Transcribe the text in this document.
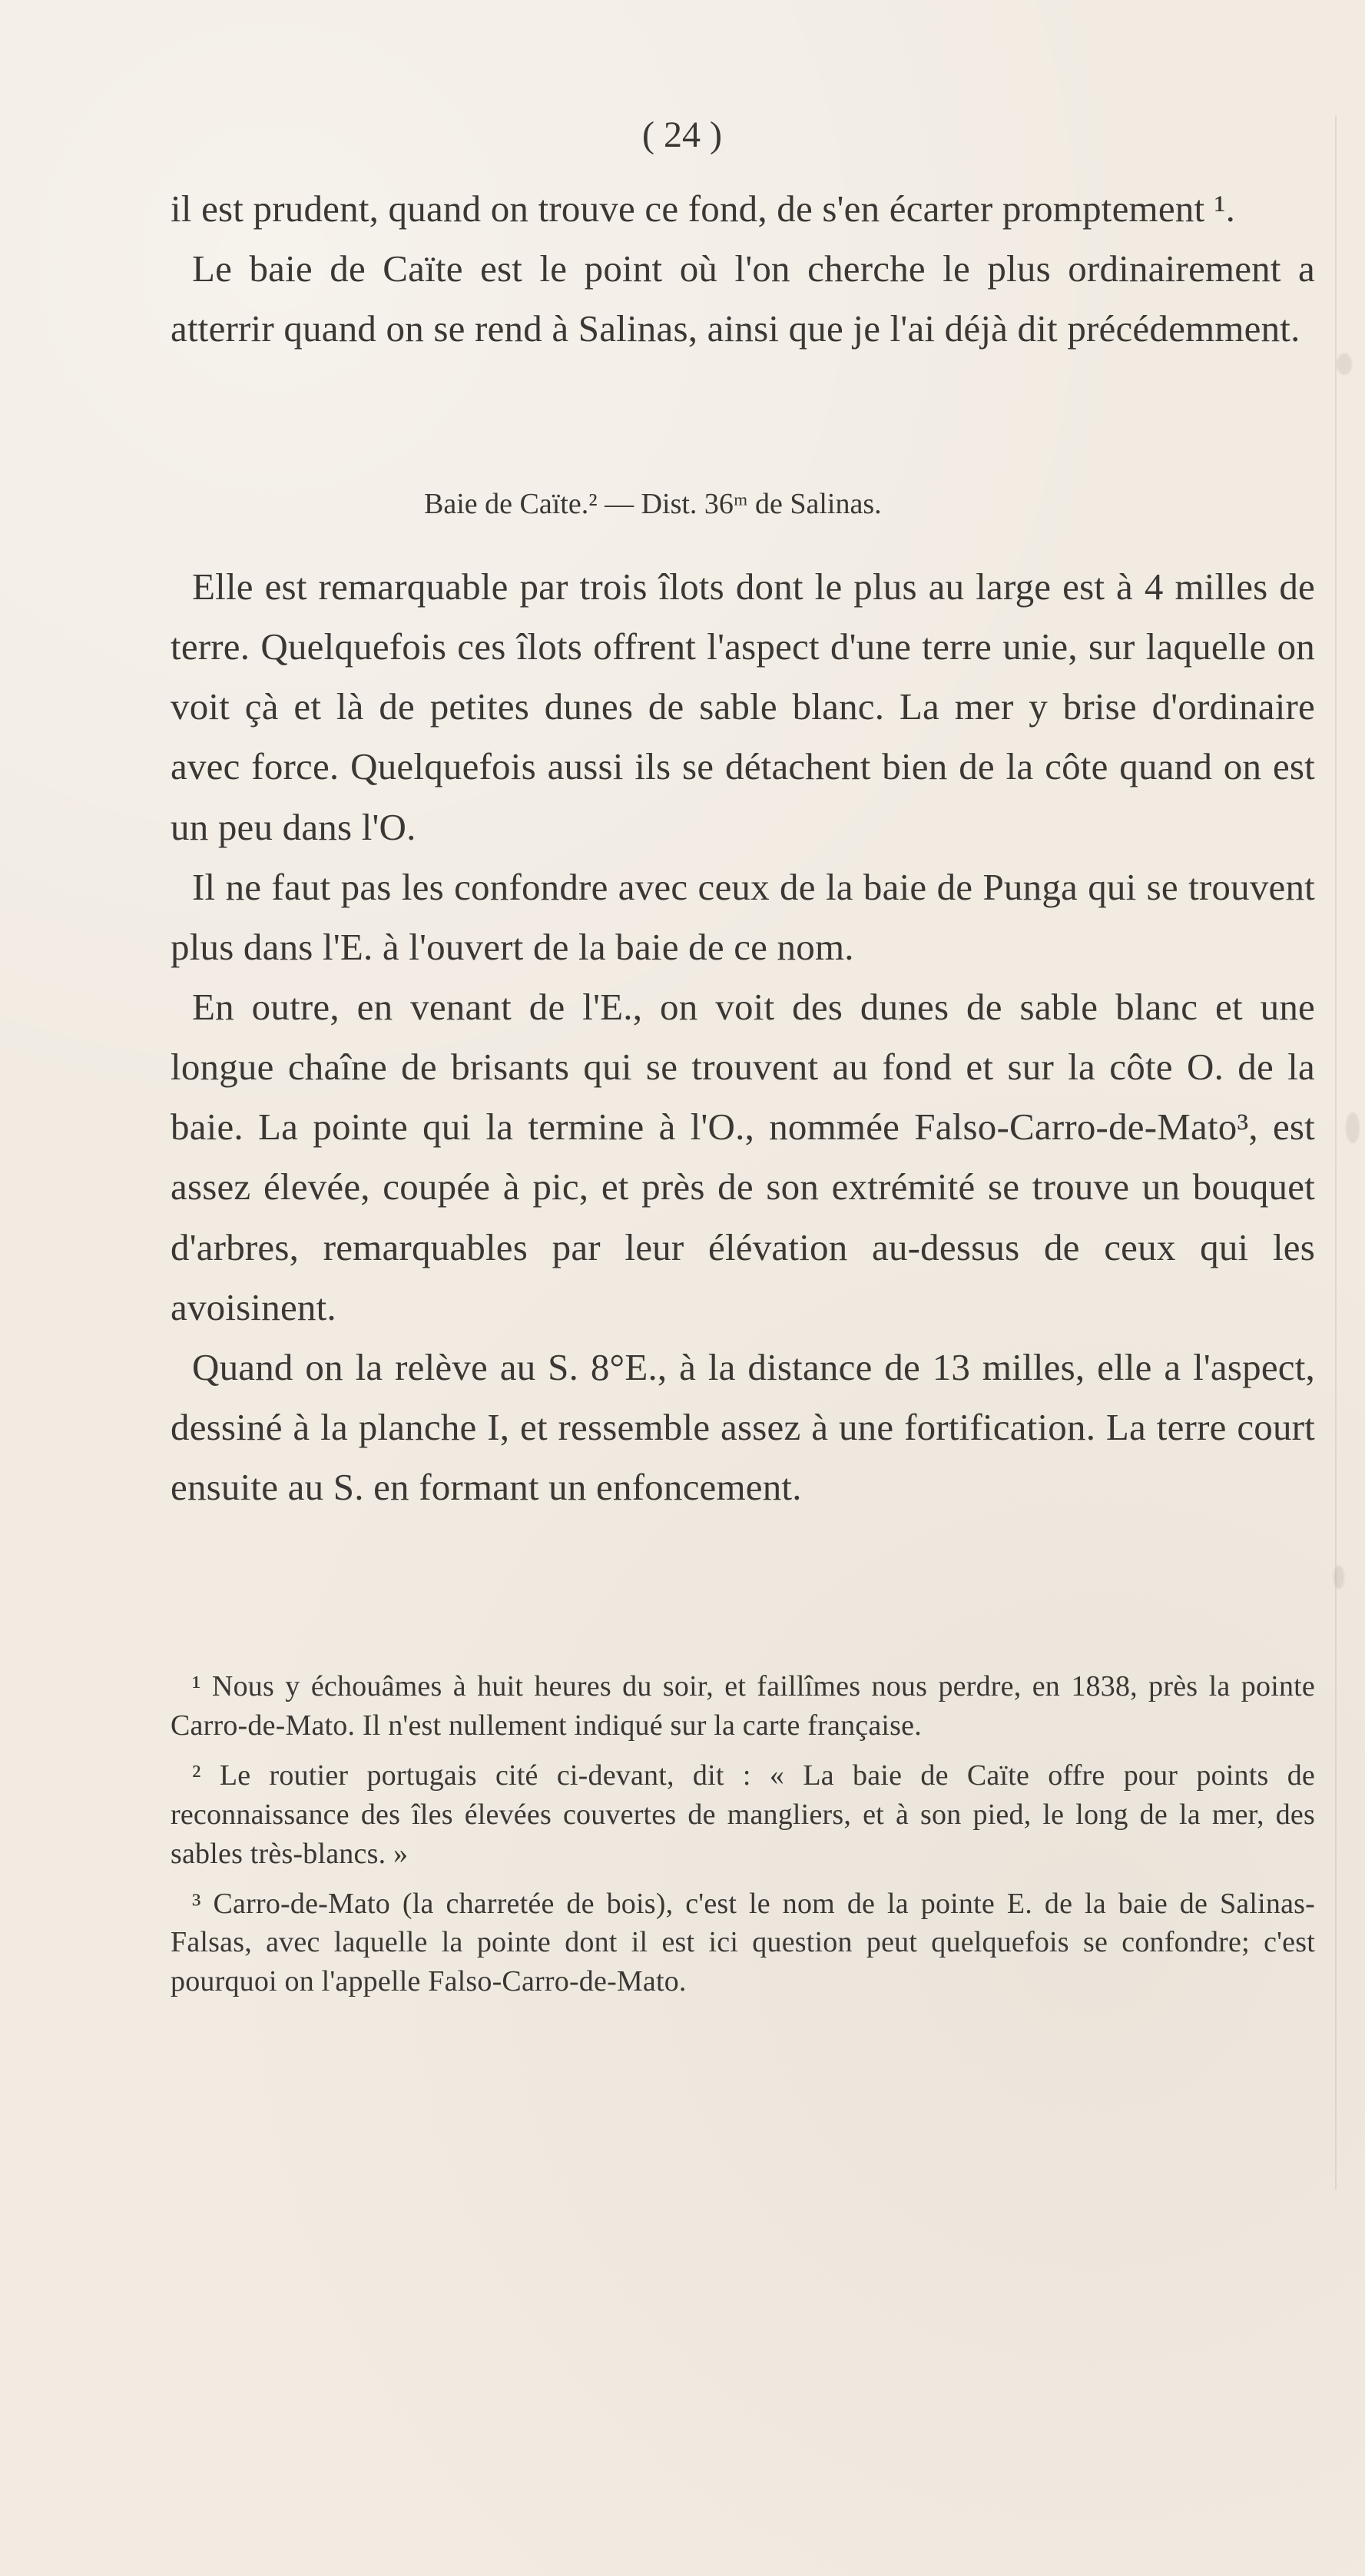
( 24 )

il est prudent, quand on trouve ce fond, de s'en écarter promptement ¹.

Le baie de Caïte est le point où l'on cherche le plus ordinairement a atterrir quand on se rend à Salinas, ainsi que je l'ai déjà dit précédemment.

Baie de Caïte.² — Dist. 36ᵐ de Salinas.

Elle est remarquable par trois îlots dont le plus au large est à 4 milles de terre. Quelquefois ces îlots offrent l'aspect d'une terre unie, sur laquelle on voit çà et là de petites dunes de sable blanc. La mer y brise d'ordinaire avec force. Quelquefois aussi ils se détachent bien de la côte quand on est un peu dans l'O.

Il ne faut pas les confondre avec ceux de la baie de Punga qui se trouvent plus dans l'E. à l'ouvert de la baie de ce nom.

En outre, en venant de l'E., on voit des dunes de sable blanc et une longue chaîne de brisants qui se trouvent au fond et sur la côte O. de la baie. La pointe qui la termine à l'O., nommée Falso-Carro-de-Mato³, est assez élevée, coupée à pic, et près de son extrémité se trouve un bouquet d'arbres, remarquables par leur élévation au-dessus de ceux qui les avoisinent.

Quand on la relève au S. 8°E., à la distance de 13 milles, elle a l'aspect, dessiné à la planche I, et ressemble assez à une fortification. La terre court ensuite au S. en formant un enfoncement.

¹ Nous y échouâmes à huit heures du soir, et faillîmes nous perdre, en 1838, près la pointe Carro-de-Mato. Il n'est nullement indiqué sur la carte française.

² Le routier portugais cité ci-devant, dit : « La baie de Caïte offre pour points de reconnaissance des îles élevées couvertes de mangliers, et à son pied, le long de la mer, des sables très-blancs. »

³ Carro-de-Mato (la charretée de bois), c'est le nom de la pointe E. de la baie de Salinas-Falsas, avec laquelle la pointe dont il est ici question peut quelquefois se confondre; c'est pourquoi on l'appelle Falso-Carro-de-Mato.
